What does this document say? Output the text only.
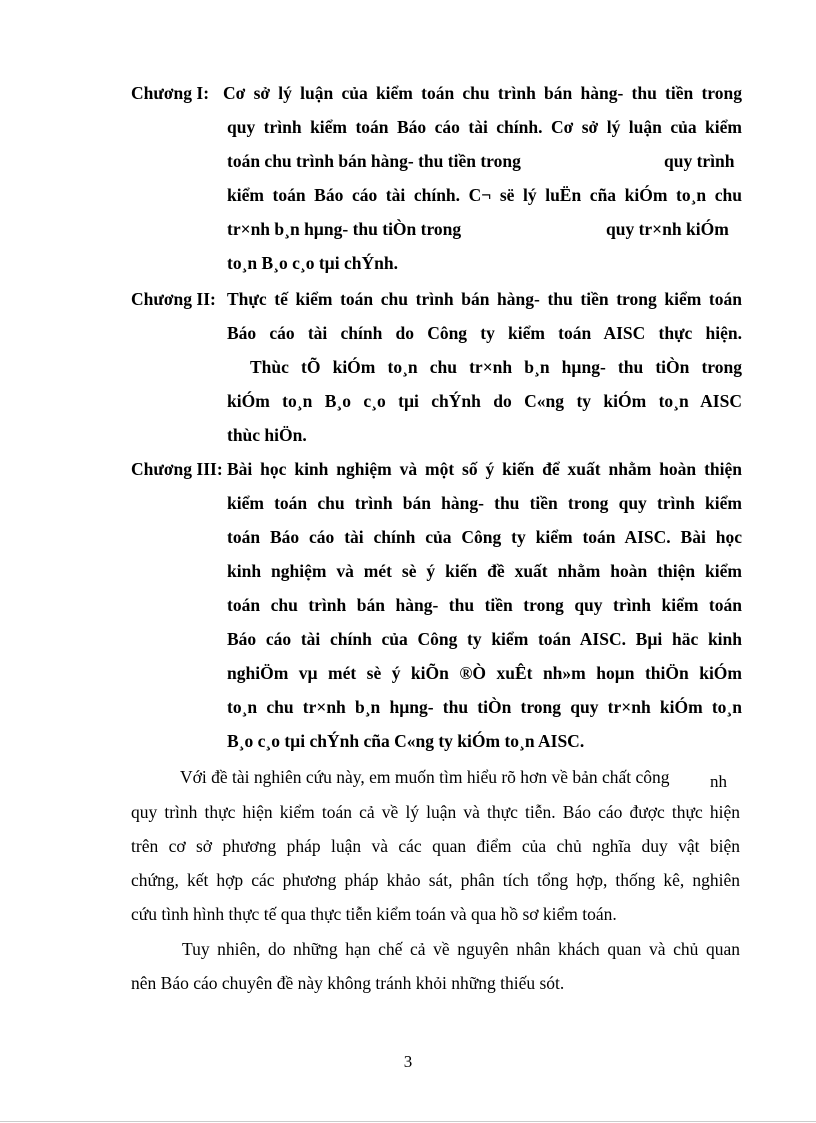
Chương I: Cơ sở lý luận của kiểm toán chu trình bán hàng- thu tiền trong
quy trình kiểm toán Báo cáo tài chính. Cơ sở lý luận của kiểm
toán chu trình bán hàng- thu tiền trong	quy trình
kiểm toán Báo cáo tài chính. C¬ së lý luËn cña kiÓm to¸n chu
tr×nh b¸n hµng- thu tiÒn trong	quy tr×nh kiÓm
to¸n B¸o c¸o tµi chÝnh.
Chương II: Thực tế kiểm toán chu trình bán hàng- thu tiền trong kiểm toán
Báo cáo tài chính do Công ty kiểm toán AISC thực hiện.
Thùc tÕ kiÓm to¸n chu tr×nh b¸n hµng- thu tiÒn trong
kiÓm to¸n B¸o c¸o tµi chÝnh do C«ng ty kiÓm to¸n AISC
thùc hiÖn.
Chương III: Bài học kinh nghiệm và một số ý kiến để xuất nhằm hoàn thiện
kiểm toán chu trình bán hàng- thu tiền trong quy trình kiểm
toán Báo cáo tài chính của Công ty kiểm toán AISC. Bài học
kinh nghiệm và mét sè ý kiến đề xuất nhằm hoàn thiện kiểm
toán chu trình bán hàng- thu tiền trong quy trình kiểm toán
Báo cáo tài chính của Công ty kiểm toán AISC. Bµi häc kinh
nghiÖm vµ mét sè ý kiÕn ®Ò xuÊt nh»m hoµn thiÖn kiÓm
to¸n chu tr×nh b¸n hµng- thu tiÒn trong quy tr×nh kiÓm to¸n
B¸o c¸o tµi chÝnh cña C«ng ty kiÓm to¸n AISC.
Với đề tài nghiên cứu này, em muốn tìm hiểu rõ hơn về bản chất công nh
quy trình thực hiện kiểm toán cả về lý luận và thực tiễn. Báo cáo được thực hiện
trên cơ sở phương pháp luận và các quan điểm của chủ nghĩa duy vật biện
chứng, kết hợp các phương pháp khảo sát, phân tích tổng hợp, thống kê, nghiên
cứu tình hình thực tế qua thực tiễn kiểm toán và qua hồ sơ kiểm toán.
Tuy nhiên, do những hạn chế cả về nguyên nhân khách quan và chủ quan
nên Báo cáo chuyên đề này không tránh khỏi những thiếu sót.
3
